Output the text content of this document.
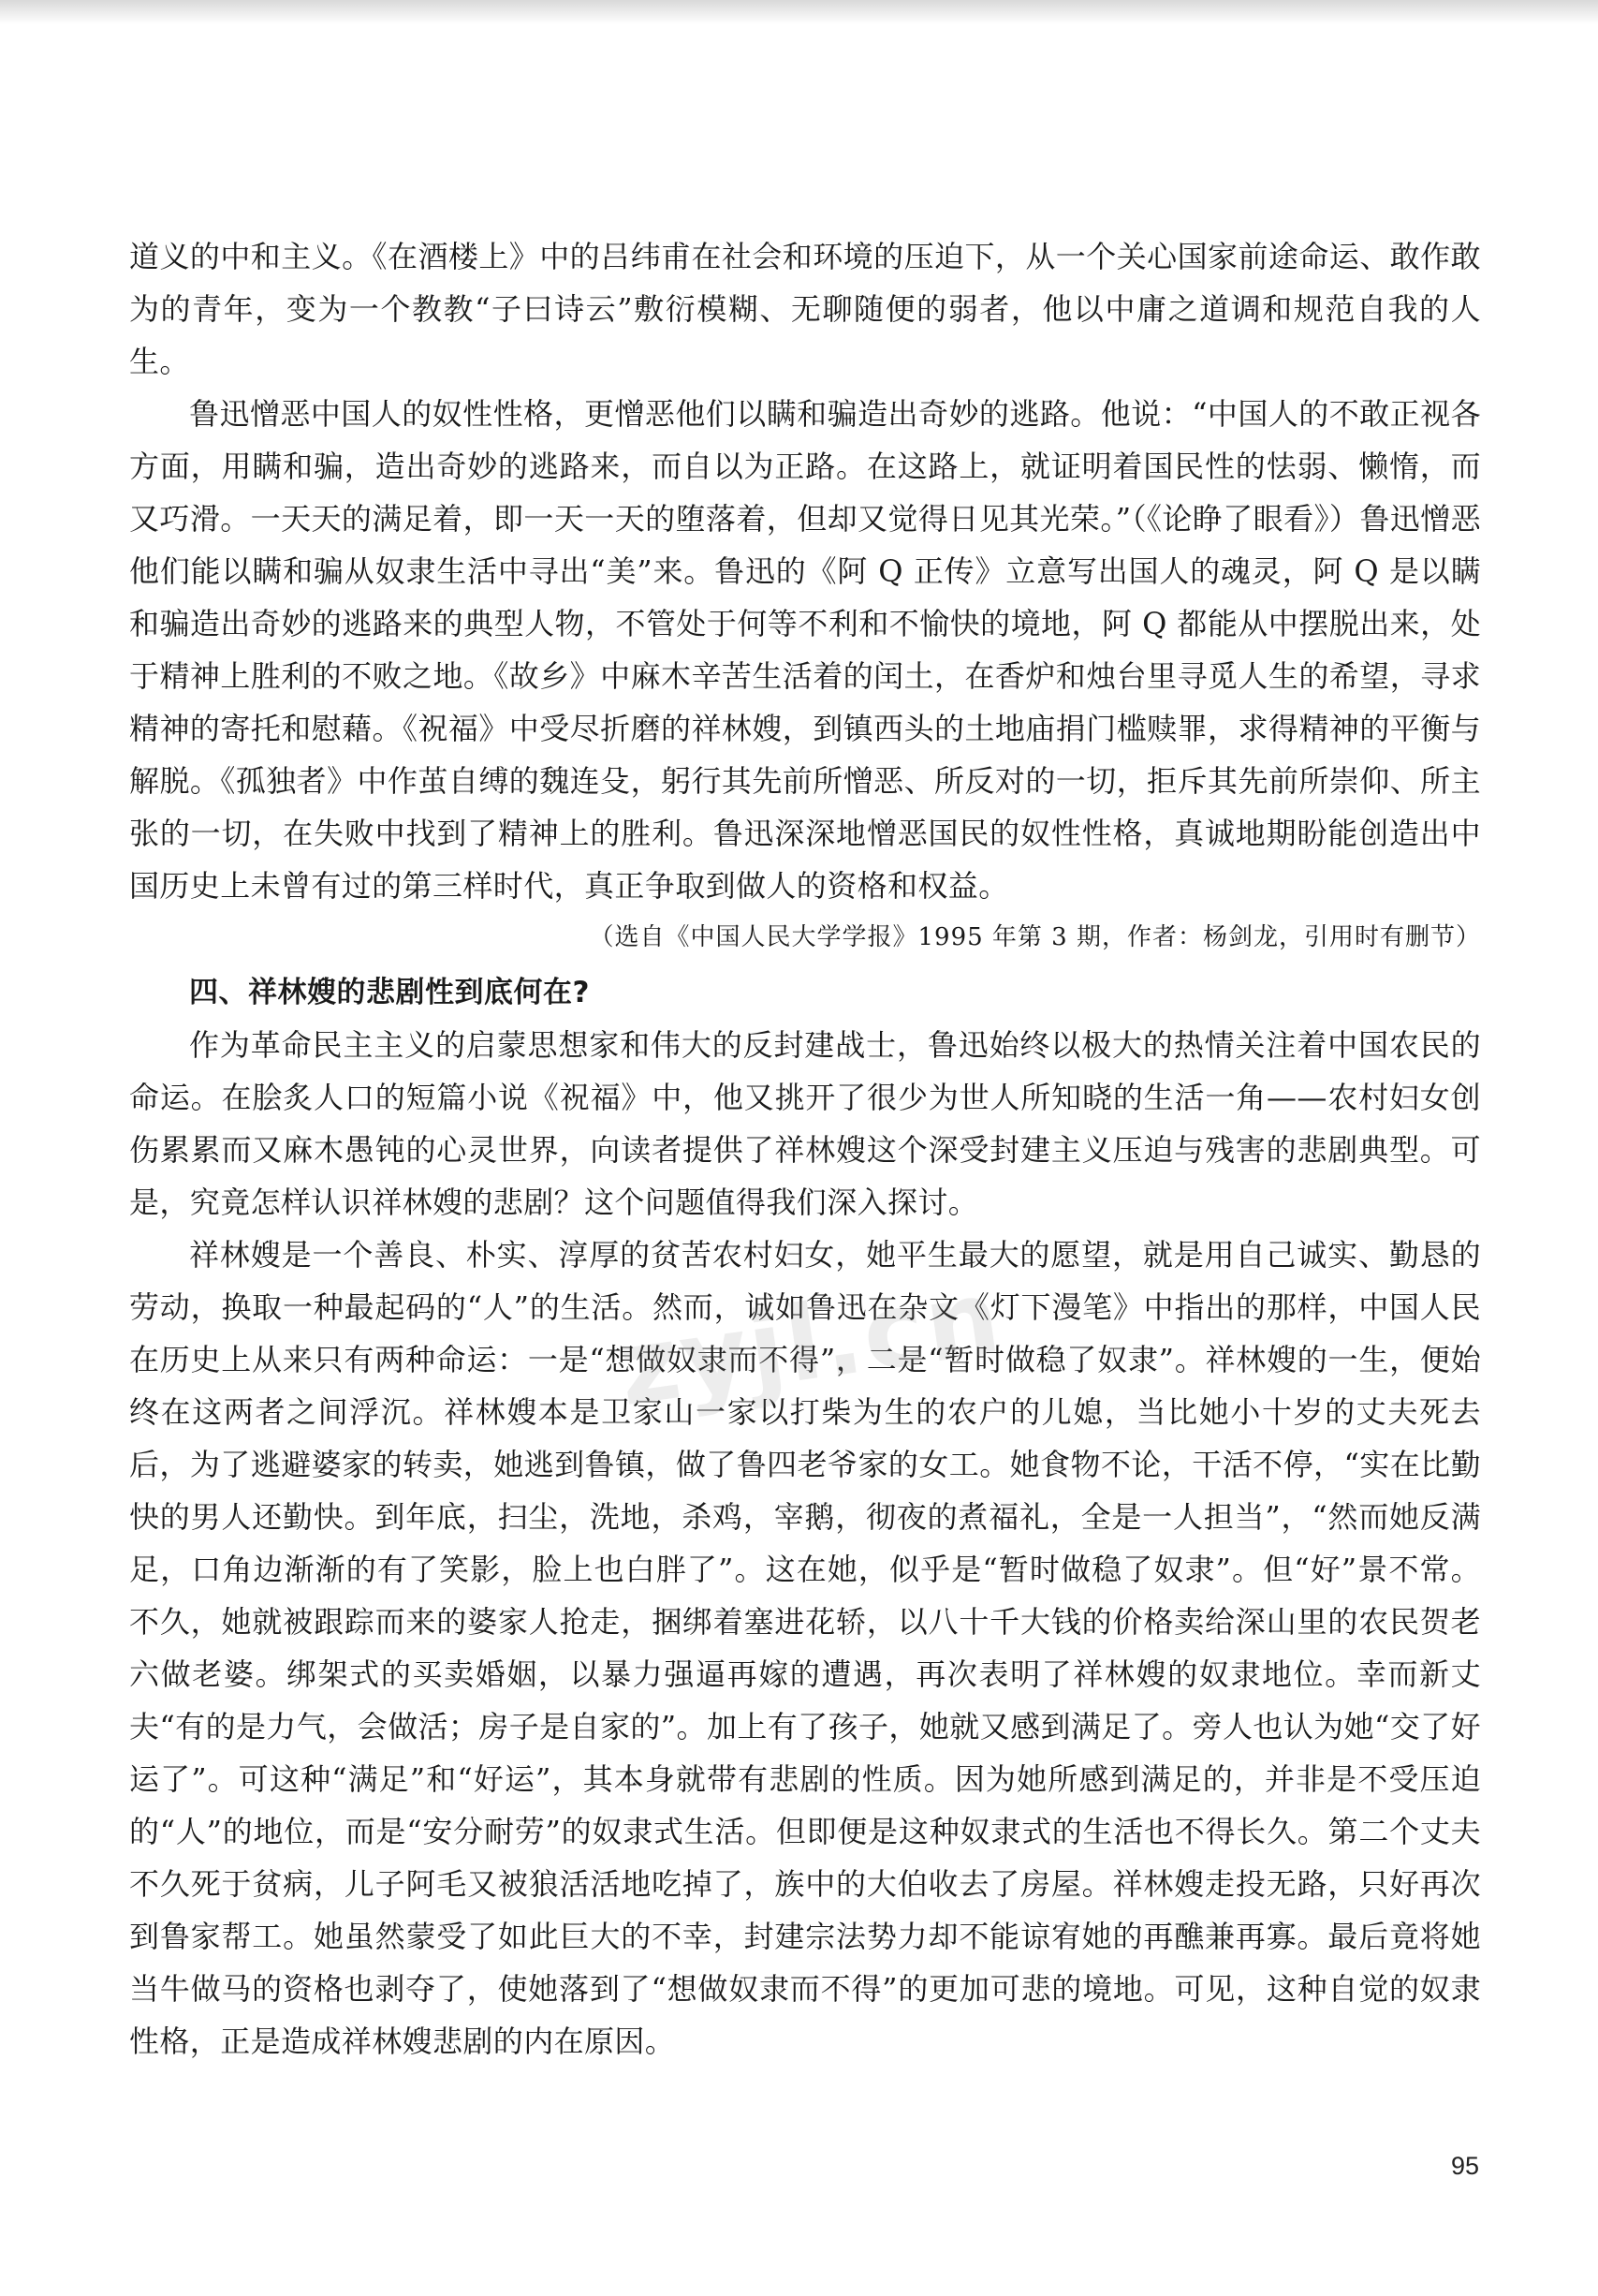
道义的中和主义。《在酒楼上》中的吕纬甫在社会和环境的压迫下，从一个关心国家前途命运、敢作敢为的青年，变为一个教教“子曰诗云”敷衍模糊、无聊随便的弱者，他以中庸之道调和规范自我的人生。

鲁迅憎恶中国人的奴性性格，更憎恶他们以瞒和骗造出奇妙的逃路。他说：“中国人的不敢正视各方面，用瞒和骗，造出奇妙的逃路来，而自以为正路。在这路上，就证明着国民性的怯弱、懒惰，而又巧滑。一天天的满足着，即一天一天的堕落着，但却又觉得日见其光荣。”（《论睁了眼看》）鲁迅憎恶他们能以瞒和骗从奴隶生活中寻出“美”来。鲁迅的《阿 Q 正传》立意写出国人的魂灵，阿 Q 是以瞒和骗造出奇妙的逃路来的典型人物，不管处于何等不利和不愉快的境地，阿 Q 都能从中摆脱出来，处于精神上胜利的不败之地。《故乡》中麻木辛苦生活着的闰土，在香炉和烛台里寻觅人生的希望，寻求精神的寄托和慰藉。《祝福》中受尽折磨的祥林嫂，到镇西头的土地庙捐门槛赎罪，求得精神的平衡与解脱。《孤独者》中作茧自缚的魏连殳，躬行其先前所憎恶、所反对的一切，拒斥其先前所崇仰、所主张的一切，在失败中找到了精神上的胜利。鲁迅深深地憎恶国民的奴性性格，真诚地期盼能创造出中国历史上未曾有过的第三样时代，真正争取到做人的资格和权益。

（选自《中国人民大学学报》1995 年第 3 期，作者：杨剑龙，引用时有删节）

四、祥林嫂的悲剧性到底何在?

作为革命民主主义的启蒙思想家和伟大的反封建战士，鲁迅始终以极大的热情关注着中国农民的命运。在脍炙人口的短篇小说《祝福》中，他又挑开了很少为世人所知晓的生活一角——农村妇女创伤累累而又麻木愚钝的心灵世界，向读者提供了祥林嫂这个深受封建主义压迫与残害的悲剧典型。可是，究竟怎样认识祥林嫂的悲剧？这个问题值得我们深入探讨。

祥林嫂是一个善良、朴实、淳厚的贫苦农村妇女，她平生最大的愿望，就是用自己诚实、勤恳的劳动，换取一种最起码的“人”的生活。然而，诚如鲁迅在杂文《灯下漫笔》中指出的那样，中国人民在历史上从来只有两种命运：一是“想做奴隶而不得”，二是“暂时做稳了奴隶”。祥林嫂的一生，便始终在这两者之间浮沉。祥林嫂本是卫家山一家以打柴为生的农户的儿媳，当比她小十岁的丈夫死去后，为了逃避婆家的转卖，她逃到鲁镇，做了鲁四老爷家的女工。她食物不论，干活不停，“实在比勤快的男人还勤快。到年底，扫尘，洗地，杀鸡，宰鹅，彻夜的煮福礼，全是一人担当”，“然而她反满足，口角边渐渐的有了笑影，脸上也白胖了”。这在她，似乎是“暂时做稳了奴隶”。但“好”景不常。不久，她就被跟踪而来的婆家人抢走，捆绑着塞进花轿，以八十千大钱的价格卖给深山里的农民贺老六做老婆。绑架式的买卖婚姻，以暴力强逼再嫁的遭遇，再次表明了祥林嫂的奴隶地位。幸而新丈夫“有的是力气，会做活；房子是自家的”。加上有了孩子，她就又感到满足了。旁人也认为她“交了好运了”。可这种“满足”和“好运”，其本身就带有悲剧的性质。因为她所感到满足的，并非是不受压迫的“人”的地位，而是“安分耐劳”的奴隶式生活。但即便是这种奴隶式的生活也不得长久。第二个丈夫不久死于贫病，儿子阿毛又被狼活活地吃掉了，族中的大伯收去了房屋。祥林嫂走投无路，只好再次到鲁家帮工。她虽然蒙受了如此巨大的不幸，封建宗法势力却不能谅宥她的再醮兼再寡。最后竟将她当牛做马的资格也剥夺了，使她落到了“想做奴隶而不得”的更加可悲的境地。可见，这种自觉的奴隶性格，正是造成祥林嫂悲剧的内在原因。

zyjl.cn
95
